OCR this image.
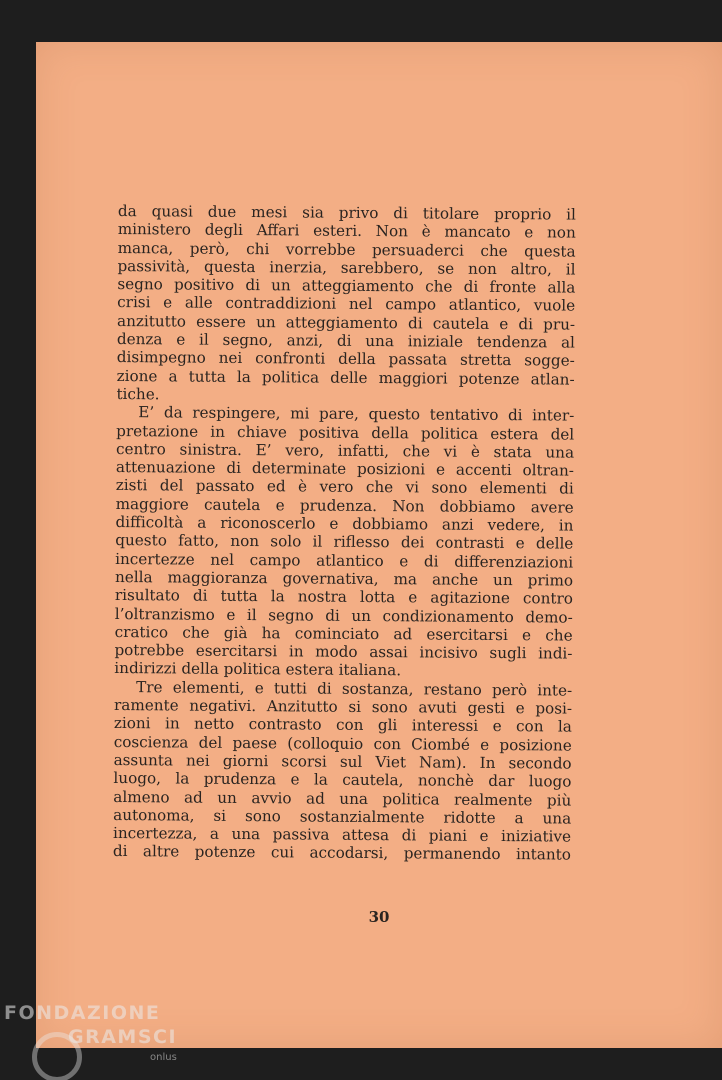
da quasi due mesi sia privo di titolare proprio il
ministero degli Affari esteri. Non è mancato e non
manca, però, chi vorrebbe persuaderci che questa
passività, questa inerzia, sarebbero, se non altro, il
segno positivo di un atteggiamento che di fronte alla
crisi e alle contraddizioni nel campo atlantico, vuole
anzitutto essere un atteggiamento di cautela e di pru-
denza e il segno, anzi, di una iniziale tendenza al
disimpegno nei confronti della passata stretta sogge-
zione a tutta la politica delle maggiori potenze atlan-
tiche.
E’ da respingere, mi pare, questo tentativo di inter-
pretazione in chiave positiva della politica estera del
centro sinistra. E’ vero, infatti, che vi è stata una
attenuazione di determinate posizioni e accenti oltran-
zisti del passato ed è vero che vi sono elementi di
maggiore cautela e prudenza. Non dobbiamo avere
difficoltà a riconoscerlo e dobbiamo anzi vedere, in
questo fatto, non solo il riflesso dei contrasti e delle
incertezze nel campo atlantico e di differenziazioni
nella maggioranza governativa, ma anche un primo
risultato di tutta la nostra lotta e agitazione contro
l’oltranzismo e il segno di un condizionamento demo-
cratico che già ha cominciato ad esercitarsi e che
potrebbe esercitarsi in modo assai incisivo sugli indi-
indirizzi della politica estera italiana.
Tre elementi, e tutti di sostanza, restano però inte-
ramente negativi. Anzitutto si sono avuti gesti e posi-
zioni in netto contrasto con gli interessi e con la
coscienza del paese (colloquio con Ciombé e posizione
assunta nei giorni scorsi sul Viet Nam). In secondo
luogo, la prudenza e la cautela, nonchè dar luogo
almeno ad un avvio ad una politica realmente più
autonoma, si sono sostanzialmente ridotte a una
incertezza, a una passiva attesa di piani e iniziative
di altre potenze cui accodarsi, permanendo intanto
30
FONDAZIONE
GRAMSCI
onlus
